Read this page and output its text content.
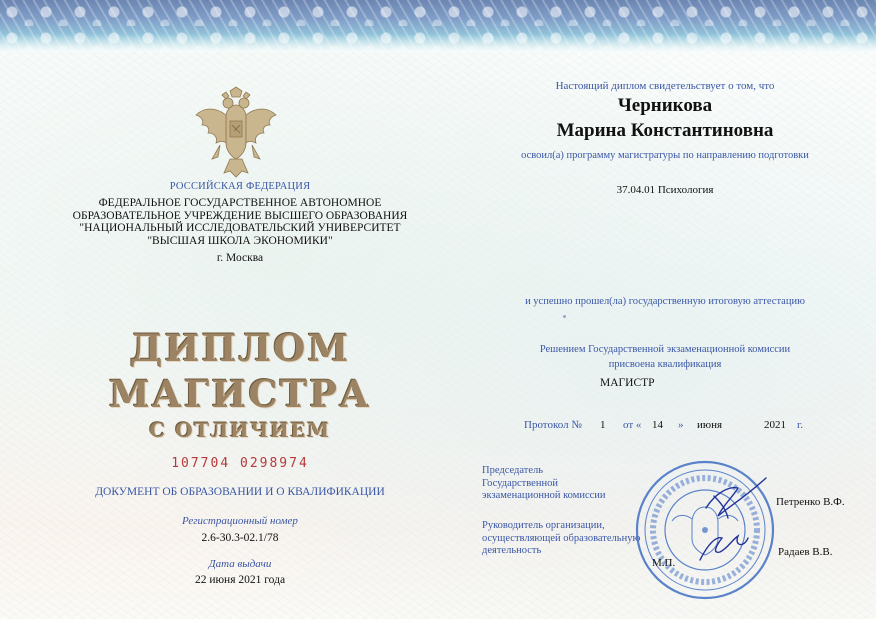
РОССИЙСКАЯ ФЕДЕРАЦИЯ
ФЕДЕРАЛЬНОЕ ГОСУДАРСТВЕННОЕ АВТОНОМНОЕ
ОБРАЗОВАТЕЛЬНОЕ УЧРЕЖДЕНИЕ ВЫСШЕГО ОБРАЗОВАНИЯ
"НАЦИОНАЛЬНЫЙ ИССЛЕДОВАТЕЛЬСКИЙ УНИВЕРСИТЕТ
"ВЫСШАЯ ШКОЛА ЭКОНОМИКИ"
г. Москва
ДИПЛОМ
МАГИСТРА
С ОТЛИЧИЕМ
107704 0298974
ДОКУМЕНТ ОБ ОБРАЗОВАНИИ И О КВАЛИФИКАЦИИ
Регистрационный номер
2.6-30.3-02.1/78
Дата выдачи
22 июня 2021 года
Настоящий диплом свидетельствует о том, что
Черникова
Марина Константиновна
освоил(а) программу магистратуры по направлению подготовки
37.04.01 Психология
и успешно прошел(ла) государственную итоговую аттестацию
Решением Государственной экзаменационной комиссии
присвоена квалификация
МАГИСТР
Протокол № 1 от « 14 » июня	2021 г.
Председатель
Государственной
экзаменационной комиссии
Руководитель организации,
осуществляющей образовательную
деятельность
М.П.
Петренко В.Ф.
Радаев В.В.
